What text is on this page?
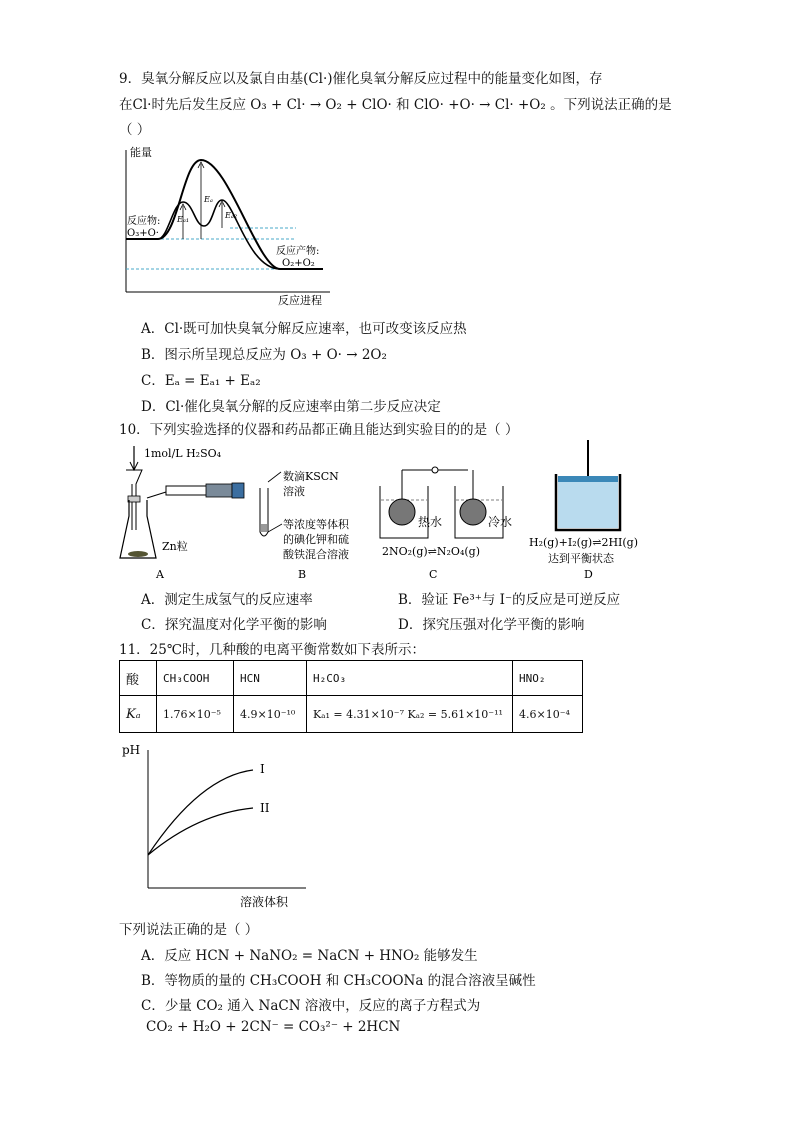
9．臭氧分解反应以及氯自由基(Cl·)催化臭氧分解反应过程中的能量变化如图，存
在Cl·时先后发生反应 O₃ + Cl· → O₂ + ClO· 和 ClO· +O· → Cl· +O₂ 。下列说法正确的是
（ ）
能量
反应进程
Eₐ
Eₐ₁	Eₐ₂
反应物:
O₃+O·
反应产物:
O₂+O₂
A．Cl·既可加快臭氧分解反应速率，也可改变该反应热
B．图示所呈现总反应为 O₃ + O· → 2O₂
C．Eₐ = Eₐ₁ + Eₐ₂
D．Cl·催化臭氧分解的反应速率由第二步反应决定
10．下列实验选择的仪器和药品都正确且能达到实验目的的是（ ）
1mol/L H₂SO₄
Zn粒
A
数滴KSCN
溶液
等浓度等体积
的碘化钾和硫
酸铁混合溶液
B
热水	冷水
2NO₂(g)⇌N₂O₄(g)
C
H₂(g)+I₂(g)⇌2HI(g)
达到平衡状态
D
A．测定生成氢气的反应速率	B．验证 Fe³⁺与 I⁻的反应是可逆反应
C．探究温度对化学平衡的影响	D．探究压强对化学平衡的影响
11．25℃时，几种酸的电离平衡常数如下表所示：
酸	CH₃COOH	HCN	H₂CO₃	HNO₂
Kₐ	1.76×10⁻⁵	4.9×10⁻¹⁰	Kₐ₁ = 4.31×10⁻⁷ Kₐ₂ = 5.61×10⁻¹¹	4.6×10⁻⁴
pH
溶液体积
I
II
下列说法正确的是（ ）
A．反应 HCN + NaNO₂ = NaCN + HNO₂ 能够发生
B．等物质的量的 CH₃COOH 和 CH₃COONa 的混合溶液呈碱性
C．少量 CO₂ 通入 NaCN 溶液中，反应的离子方程式为
CO₂ + H₂O + 2CN⁻ = CO₃²⁻ + 2HCN
